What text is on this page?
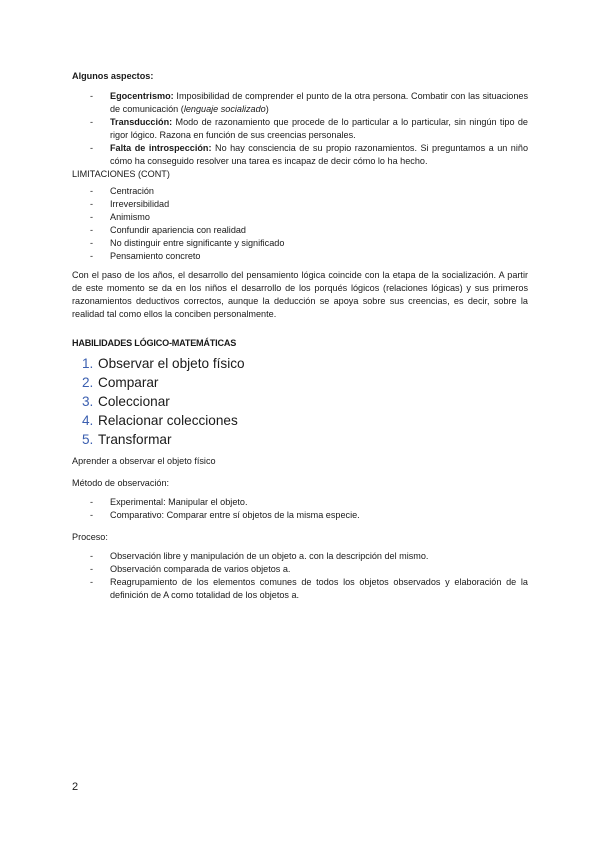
Algunos aspectos:

- Egocentrismo: Imposibilidad de comprender el punto de la otra persona. Combatir con las situaciones de comunicación (lenguaje socializado)
- Transducción: Modo de razonamiento que procede de lo particular a lo particular, sin ningún tipo de rigor lógico. Razona en función de sus creencias personales.
- Falta de introspección: No hay consciencia de su propio razonamientos. Si preguntamos a un niño cómo ha conseguido resolver una tarea es incapaz de decir cómo lo ha hecho.

LIMITACIONES (CONT)

- Centración
- Irreversibilidad
- Animismo
- Confundir apariencia con realidad
- No distinguir entre significante y significado
- Pensamiento concreto

Con el paso de los años, el desarrollo del pensamiento lógica coincide con la etapa de la socialización. A partir de este momento se da en los niños el desarrollo de los porqués lógicos (relaciones lógicas) y sus primeros razonamientos deductivos correctos, aunque la deducción se apoya sobre sus creencias, es decir, sobre la realidad tal como ellos la conciben personalmente.

HABILIDADES LÓGICO-MATEMÁTICAS

1. Observar el objeto físico
2. Comparar
3. Coleccionar
4. Relacionar colecciones
5. Transformar

Aprender a observar el objeto físico

Método de observación:

- Experimental: Manipular el objeto.
- Comparativo: Comparar entre sí objetos de la misma especie.

Proceso:

- Observación libre y manipulación de un objeto a. con la descripción del mismo.
- Observación comparada de varios objetos a.
- Reagrupamiento de los elementos comunes de todos los objetos observados y elaboración de la definición de A como totalidad de los objetos a.
2
